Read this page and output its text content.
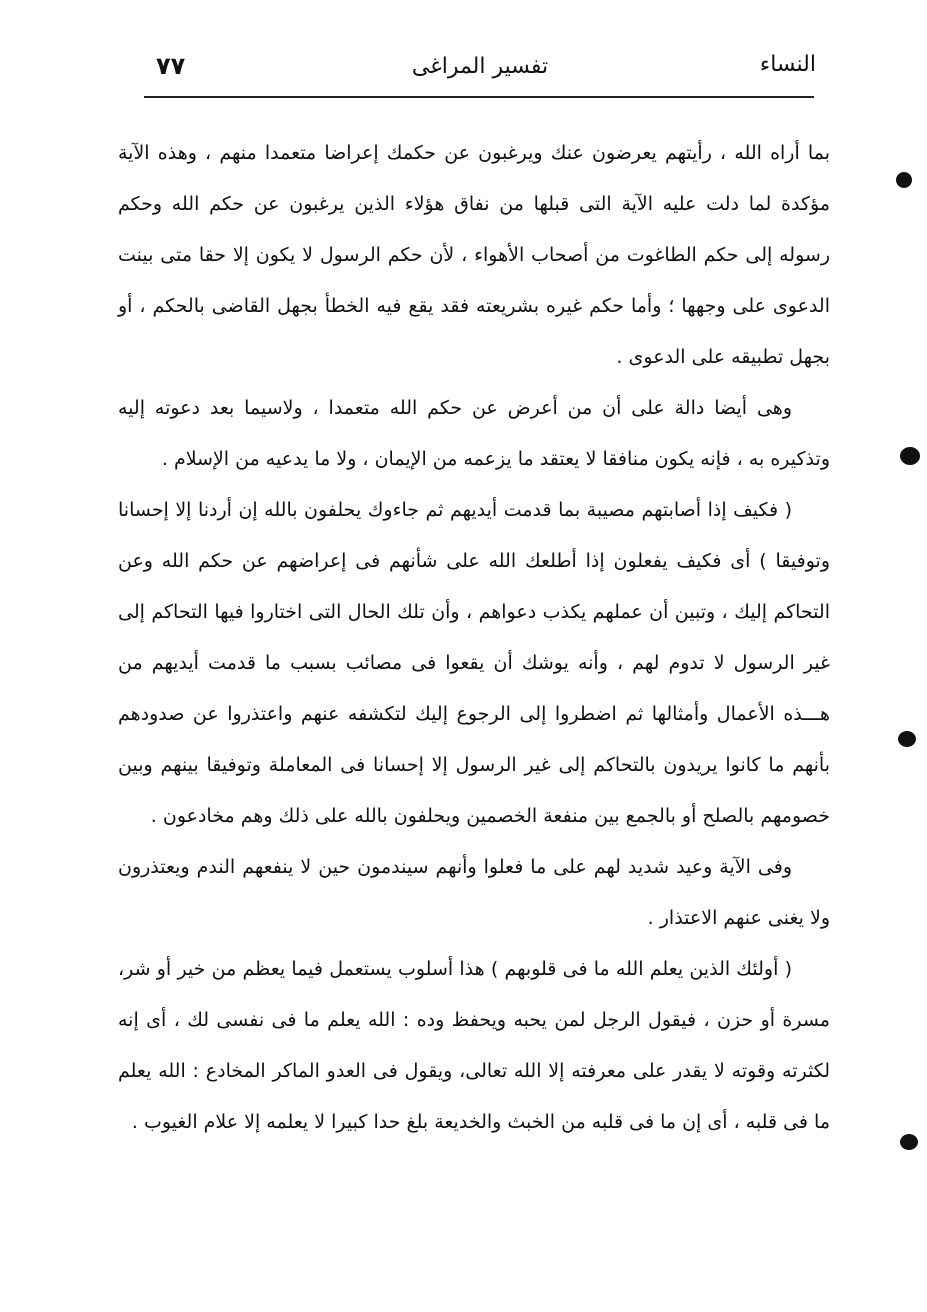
النساء
تفسير المراغى
٧٧

بما أراه الله ، رأيتهم يعرضون عنك ويرغبون عن حكمك إعراضا متعمدا منهم ، وهذه الآية مؤكدة لما دلت عليه الآية التى قبلها من نفاق هؤلاء الذين يرغبون عن حكم الله وحكم رسوله إلى حكم الطاغوت من أصحاب الأهواء ، لأن حكم الرسول لا يكون إلا حقا متى بينت الدعوى على وجهها ؛ وأما حكم غيره بشريعته فقد يقع فيه الخطأ بجهل القاضى بالحكم ، أو بجهل تطبيقه على الدعوى .

وهى أيضا دالة على أن من أعرض عن حكم الله متعمدا ، ولاسيما بعد دعوته إليه وتذكيره به ، فإنه يكون منافقا لا يعتقد ما يزعمه من الإيمان ، ولا ما يدعيه من الإسلام .

( فكيف إذا أصابتهم مصيبة بما قدمت أيديهم ثم جاءوك يحلفون بالله إن أردنا إلا إحسانا وتوفيقا ) أى فكيف يفعلون إذا أطلعك الله على شأنهم فى إعراضهم عن حكم الله وعن التحاكم إليك ، وتبين أن عملهم يكذب دعواهم ، وأن تلك الحال التى اختاروا فيها التحاكم إلى غير الرسول لا تدوم لهم ، وأنه يوشك أن يقعوا فى مصائب بسبب ما قدمت أيديهم من هـــذه الأعمال وأمثالها ثم اضطروا إلى الرجوع إليك لتكشفه عنهم واعتذروا عن صدودهم بأنهم ما كانوا يريدون بالتحاكم إلى غير الرسول إلا إحسانا فى المعاملة وتوفيقا بينهم وبين خصومهم بالصلح أو بالجمع بين منفعة الخصمين ويحلفون بالله على ذلك وهم مخادعون .

وفى الآية وعيد شديد لهم على ما فعلوا وأنهم سيندمون حين لا ينفعهم الندم ويعتذرون ولا يغنى عنهم الاعتذار .

( أولئك الذين يعلم الله ما فى قلوبهم ) هذا أسلوب يستعمل فيما يعظم من خير أو شر، مسرة أو حزن ، فيقول الرجل لمن يحبه ويحفظ وده : الله يعلم ما فى نفسى لك ، أى إنه لكثرته وقوته لا يقدر على معرفته إلا الله تعالى، ويقول فى العدو الماكر المخادع : الله يعلم ما فى قلبه ، أى إن ما فى قلبه من الخبث والخديعة بلغ حدا كبيرا لا يعلمه إلا علام الغيوب .
